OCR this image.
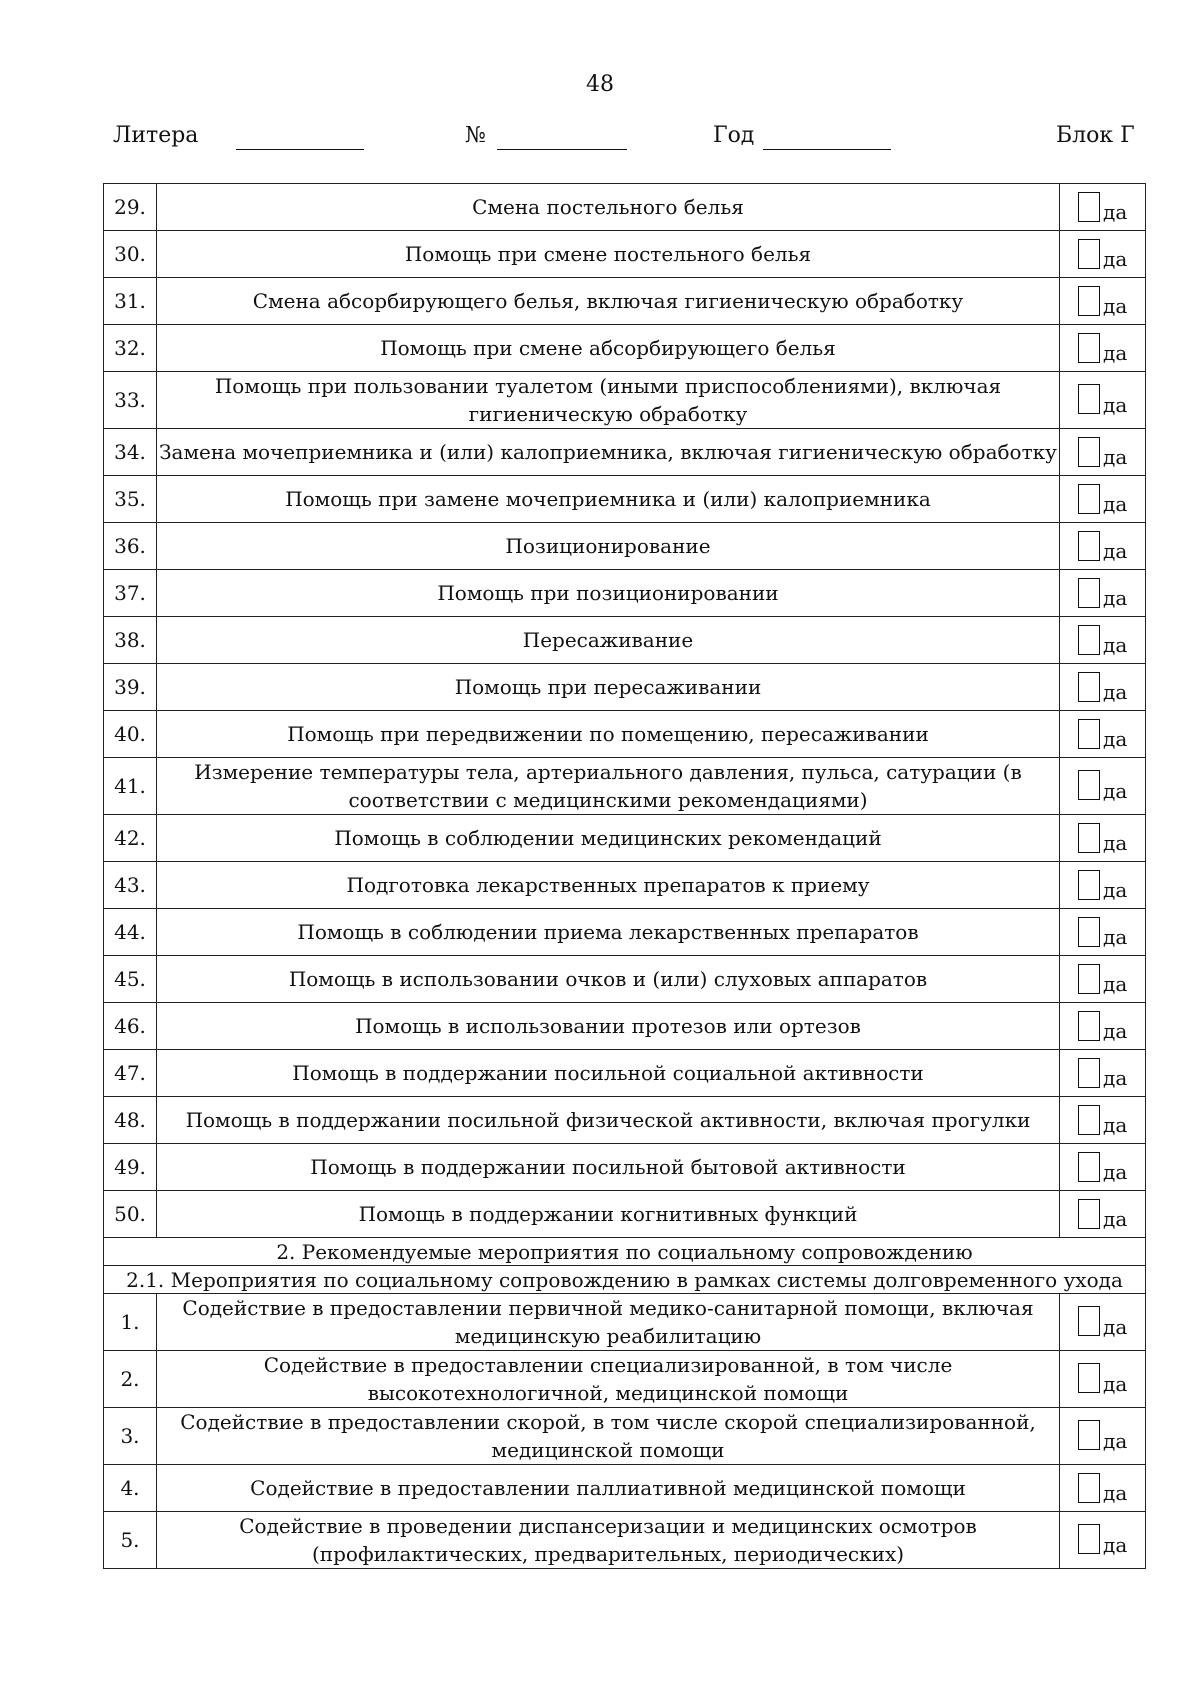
48
Литера	№	Год	Блок Г
29.	Смена постельного белья	да

30.	Помощь при смене постельного белья	да

31.	Смена абсорбирующего белья, включая гигиеническую обработку	да

32.	Помощь при смене абсорбирующего белья	да

33.	Помощь при пользовании туалетом (иными приспособлениями), включая гигиеническую обработку	да

34.	Замена мочеприемника и (или) калоприемника, включая гигиеническую обработку	да

35.	Помощь при замене мочеприемника и (или) калоприемника	да

36.	Позиционирование	да

37.	Помощь при позиционировании	да

38.	Пересаживание	да

39.	Помощь при пересаживании	да

40.	Помощь при передвижении по помещению, пересаживании	да

41.	Измерение температуры тела, артериального давления, пульса, сатурации (в соответствии с медицинскими рекомендациями)	да

42.	Помощь в соблюдении медицинских рекомендаций	да

43.	Подготовка лекарственных препаратов к приему	да

44.	Помощь в соблюдении приема лекарственных препаратов	да

45.	Помощь в использовании очков и (или) слуховых аппаратов	да

46.	Помощь в использовании протезов или ортезов	да

47.	Помощь в поддержании посильной социальной активности	да

48.	Помощь в поддержании посильной физической активности, включая прогулки	да

49.	Помощь в поддержании посильной бытовой активности	да

50.	Помощь в поддержании когнитивных функций	да

2. Рекомендуемые мероприятия по социальному сопровождению		
2.1. Мероприятия по социальному сопровождению в рамках системы долговременного ухода		
1.	Содействие в предоставлении первичной медико-санитарной помощи, включая медицинскую реабилитацию	да

2.	Содействие в предоставлении специализированной, в том числе высокотехнологичной, медицинской помощи	да

3.	Содействие в предоставлении скорой, в том числе скорой специализированной, медицинской помощи	да

4.	Содействие в предоставлении паллиативной медицинской помощи	да

5.	Содействие в проведении диспансеризации и медицинских осмотров (профилактических, предварительных, периодических)	да
